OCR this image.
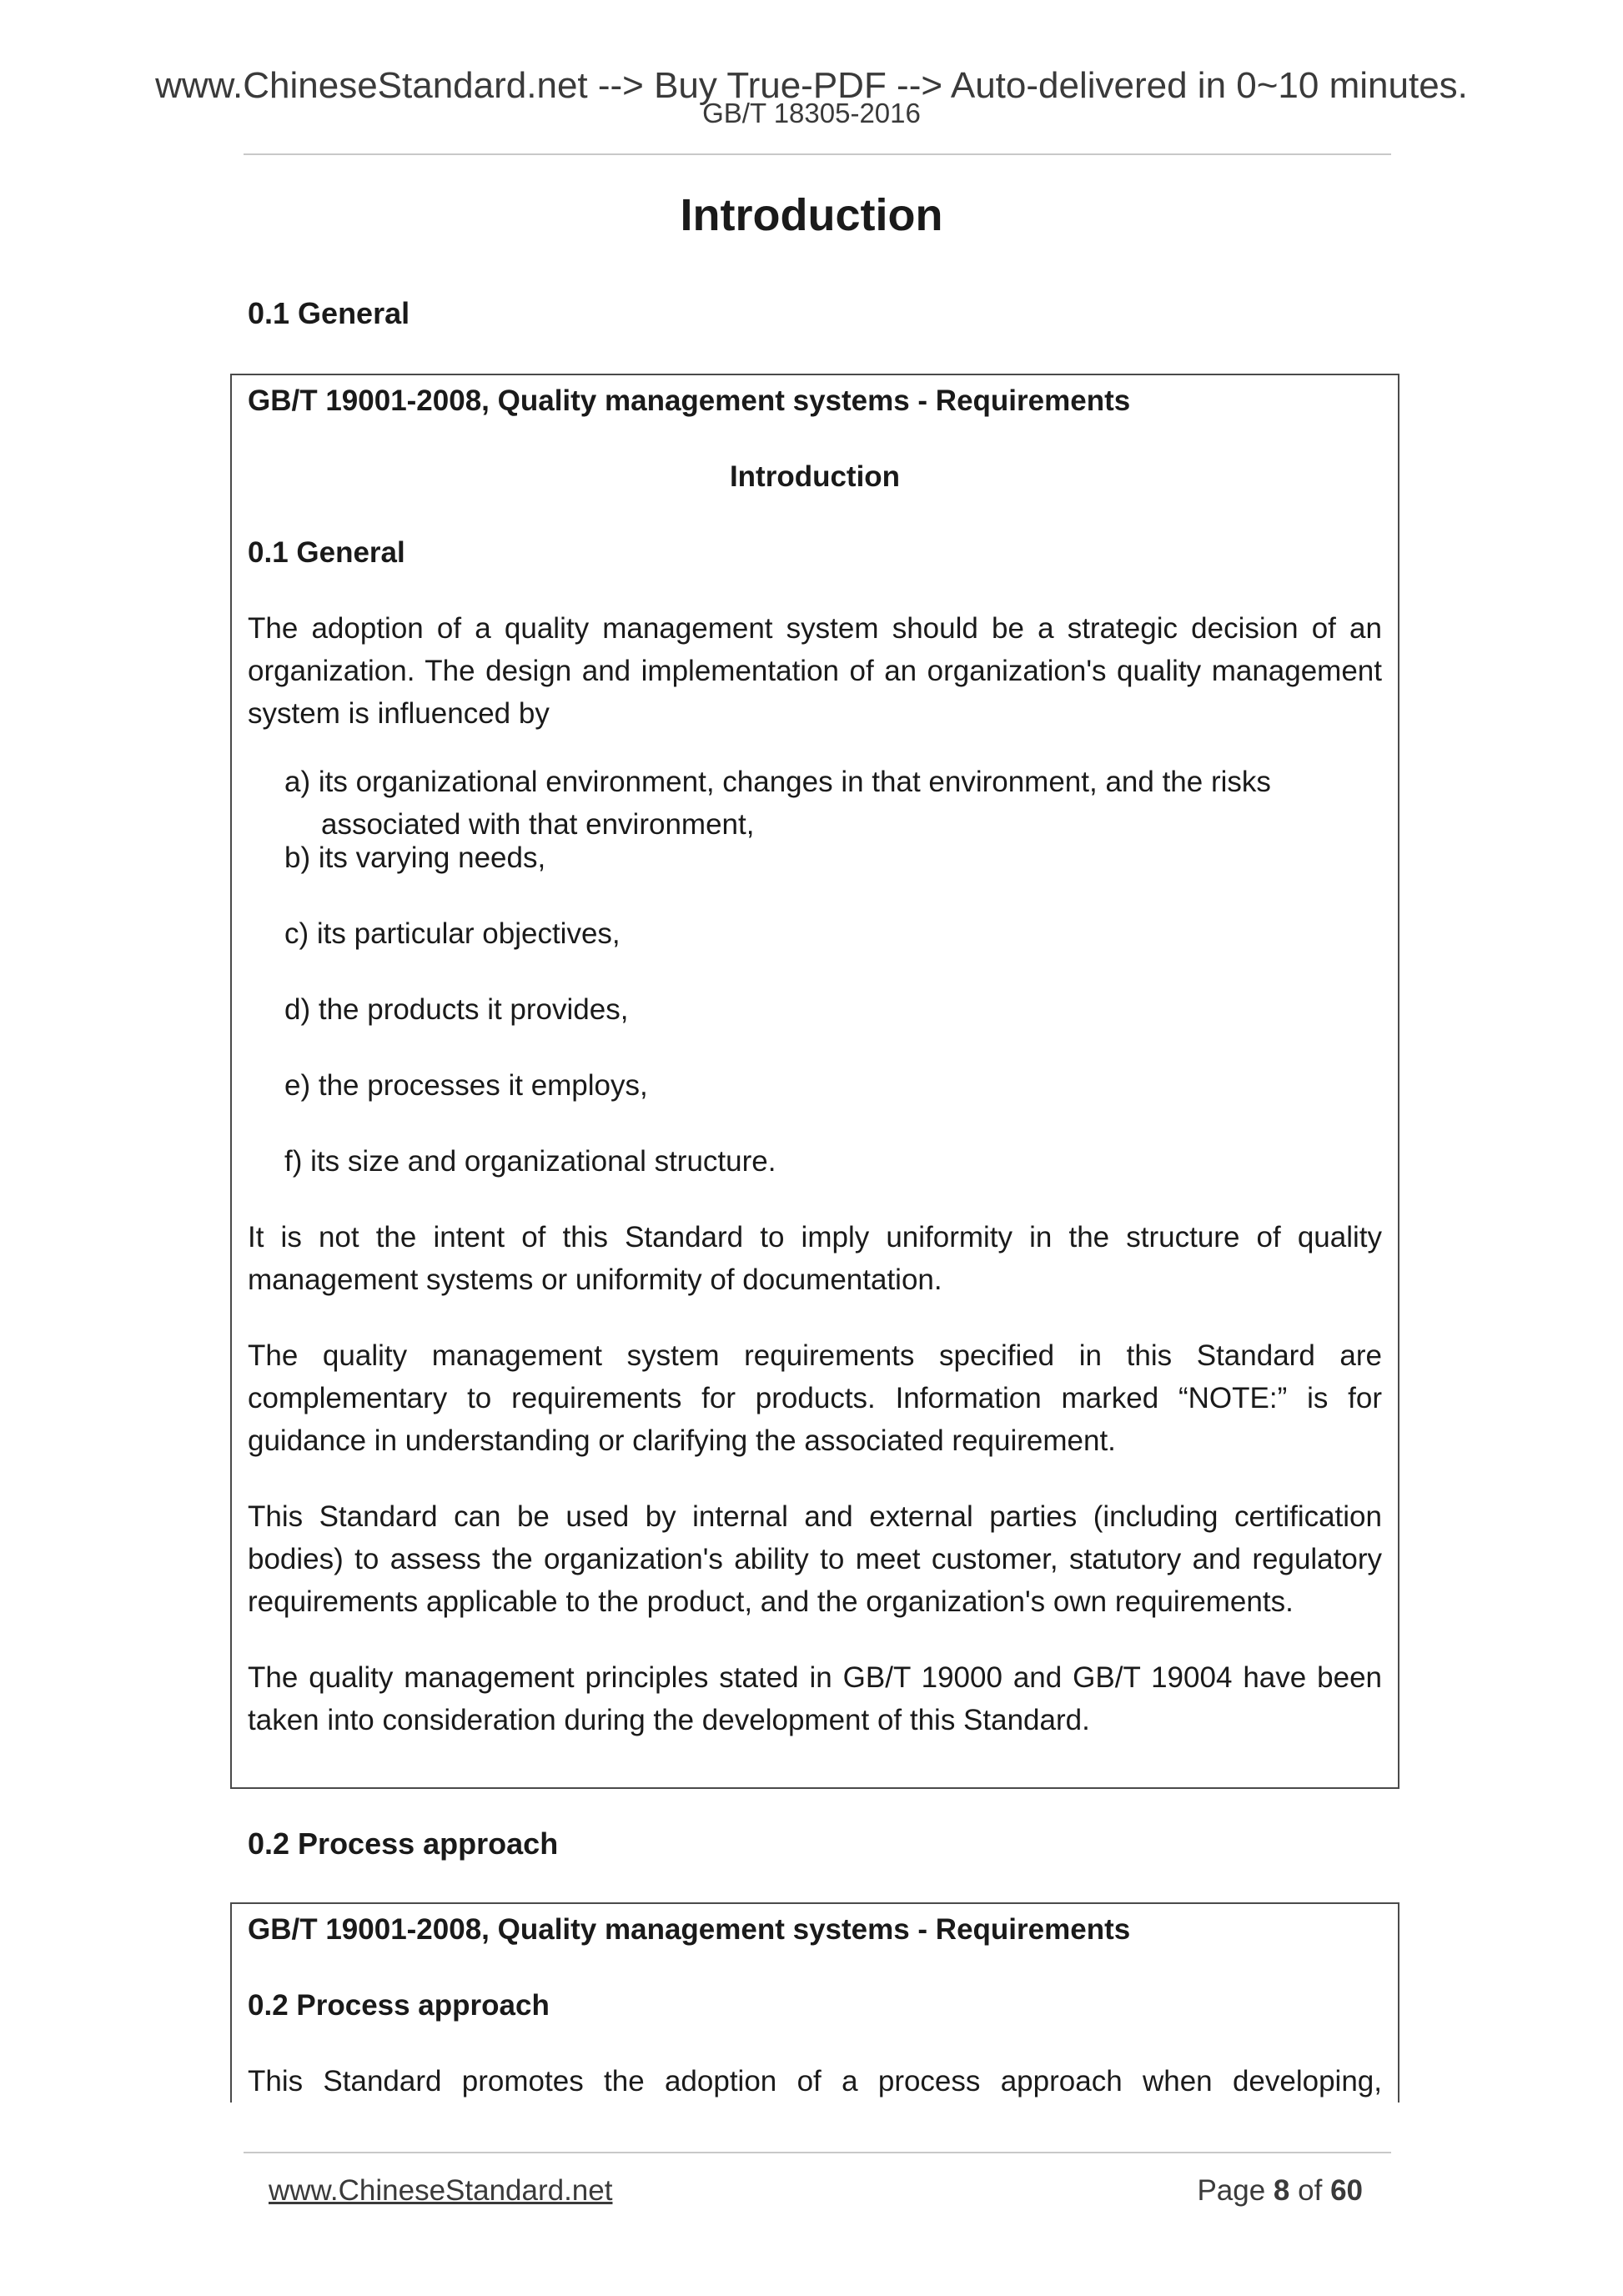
www.ChineseStandard.net --> Buy True-PDF --> Auto-delivered in 0~10 minutes.
GB/T 18305-2016
Introduction
0.1 General

GB/T 19001-2008, Quality management systems - Requirements

Introduction

0.1 General

The adoption of a quality management system should be a strategic decision of an organization. The design and implementation of an organization's quality management system is influenced by

a) its organizational environment, changes in that environment, and the risks associated with that environment,

b) its varying needs,

c) its particular objectives,

d) the products it provides,

e) the processes it employs,

f) its size and organizational structure.

It is not the intent of this Standard to imply uniformity in the structure of quality management systems or uniformity of documentation.

The quality management system requirements specified in this Standard are complementary to requirements for products. Information marked “NOTE:” is for guidance in understanding or clarifying the associated requirement.

This Standard can be used by internal and external parties (including certification bodies) to assess the organization's ability to meet customer, statutory and regulatory requirements applicable to the product, and the organization's own requirements.

The quality management principles stated in GB/T 19000 and GB/T 19004 have been taken into consideration during the development of this Standard.

0.2 Process approach

GB/T 19001-2008, Quality management systems - Requirements

0.2 Process approach

This Standard promotes the adoption of a process approach when developing,

www.ChineseStandard.net	Page 8 of 60
